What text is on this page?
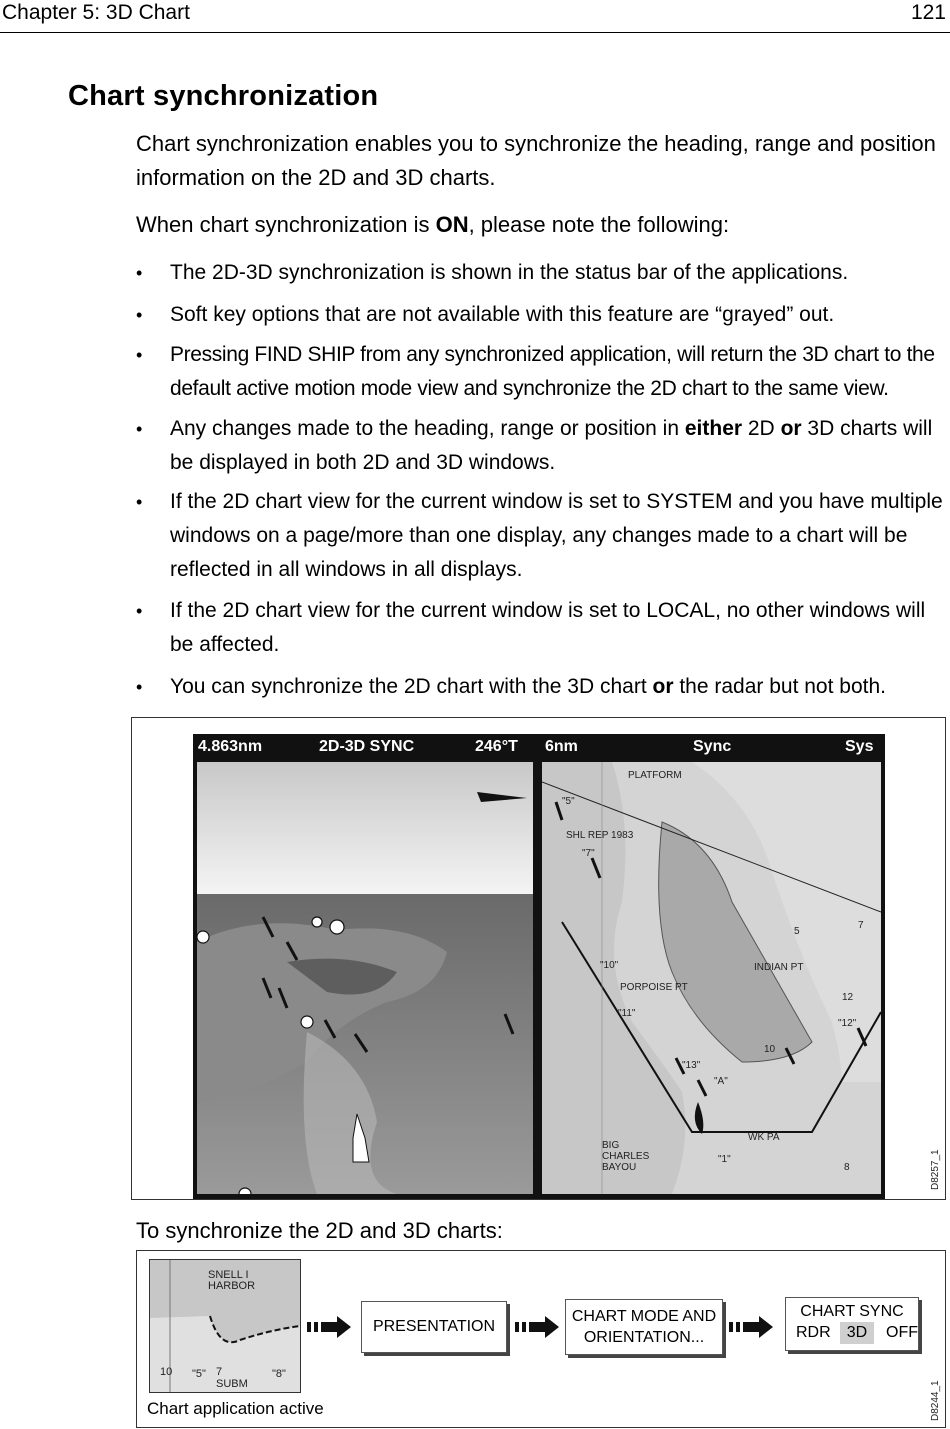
Chapter 5: 3D Chart	121
Chart synchronization
Chart synchronization enables you to synchronize the heading, range and position information on the 2D and 3D charts.
When chart synchronization is ON, please note the following:
• The 2D-3D synchronization is shown in the status bar of the applications.
• Soft key options that are not available with this feature are “grayed” out.
• Pressing FIND SHIP from any synchronized application, will return the 3D chart to the default active motion mode view and synchronize the 2D chart to the same view.
• Any changes made to the heading, range or position in either 2D or 3D charts will be displayed in both 2D and 3D windows.
• If the 2D chart view for the current window is set to SYSTEM and you have multiple windows on a page/more than one display, any changes made to a chart will be reflected in all windows in all displays.
• If the 2D chart view for the current window is set to LOCAL, no other windows will be affected.
• You can synchronize the 2D chart with the 3D chart or the radar but not both.
4.863nm	2D-3D SYNC	246°T 6nm	Sync	Sys
PLATFORM
SHL REP 1983
"5"
"7"
INDIAN PT
PORPOISE PT
"10"
"11"
"12"
"13"
"A"
WK PA
BIG CHARLES BAYOU
"1"
5
7
8
10
12
D8257_1
To synchronize the 2D and 3D charts:
SNELL I HARBOR
10 "5" 7
SUBM
"8"
Chart application active
PRESENTATION
CHART MODE AND
ORIENTATION...
CHART SYNC
RDR	3D	OFF
D8244_1
